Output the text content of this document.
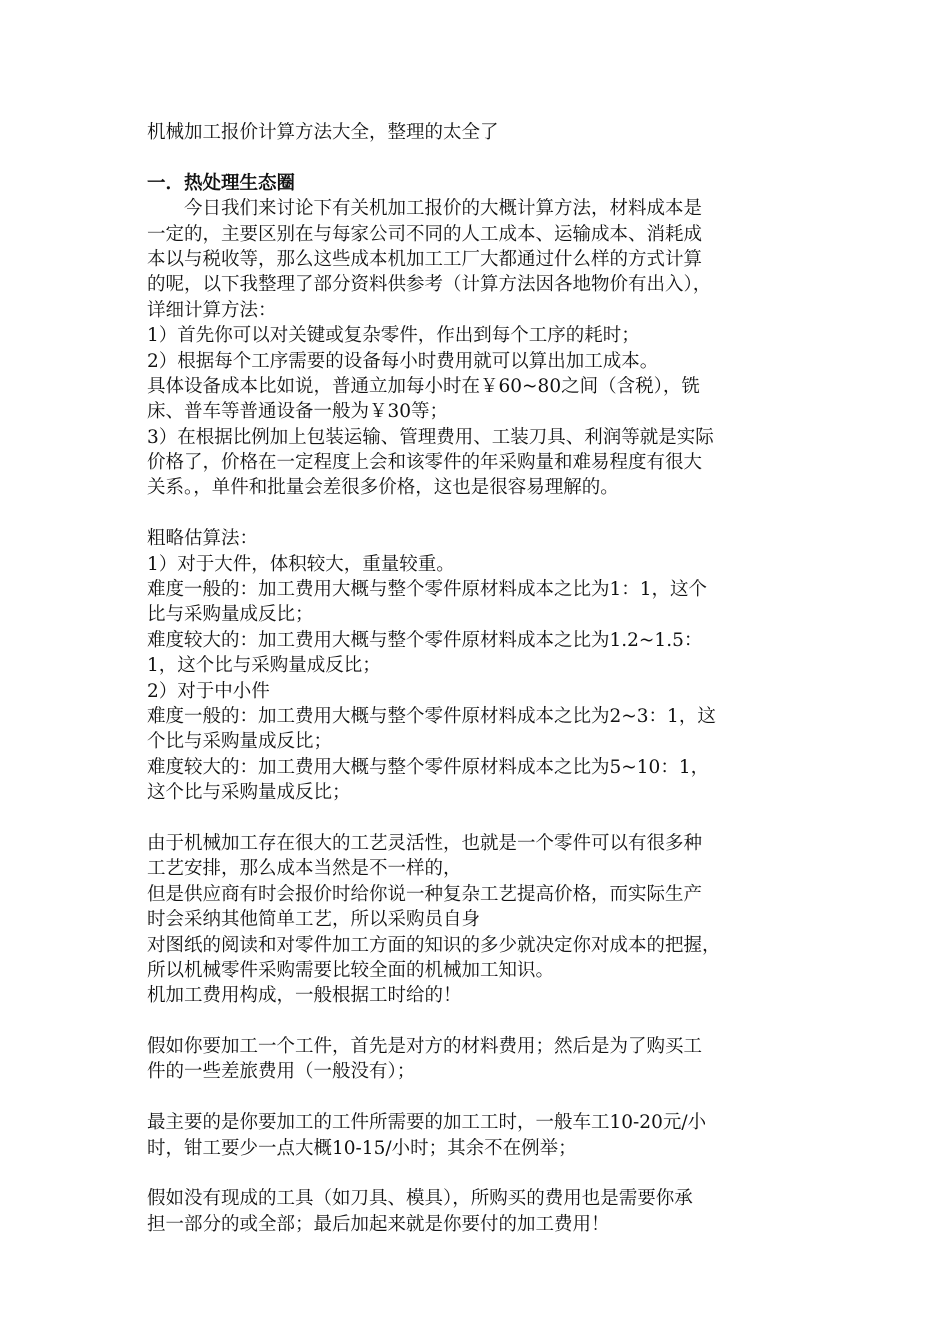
机械加工报价计算方法大全，整理的太全了
一．热处理生态圈
今日我们来讨论下有关机加工报价的大概计算方法，材料成本是
一定的，主要区别在与每家公司不同的人工成本、运输成本、消耗成
本以与税收等，那么这些成本机加工工厂大都通过什么样的方式计算
的呢，以下我整理了部分资料供参考（计算方法因各地物价有出入），
详细计算方法：
1）首先你可以对关键或复杂零件，作出到每个工序的耗时；
2）根据每个工序需要的设备每小时费用就可以算出加工成本。
具体设备成本比如说，普通立加每小时在￥60~80之间（含税），铣
床、普车等普通设备一般为￥30等；
3）在根据比例加上包装运输、管理费用、工装刀具、利润等就是实际
价格了，价格在一定程度上会和该零件的年采购量和难易程度有很大
关系。，单件和批量会差很多价格，这也是很容易理解的。
粗略估算法：
1）对于大件，体积较大，重量较重。
难度一般的：加工费用大概与整个零件原材料成本之比为1：1，这个
比与采购量成反比；
难度较大的：加工费用大概与整个零件原材料成本之比为1.2~1.5：
1，这个比与采购量成反比；
2）对于中小件
难度一般的：加工费用大概与整个零件原材料成本之比为2~3：1，这
个比与采购量成反比；
难度较大的：加工费用大概与整个零件原材料成本之比为5~10：1，
这个比与采购量成反比；
由于机械加工存在很大的工艺灵活性，也就是一个零件可以有很多种
工艺安排，那么成本当然是不一样的，
但是供应商有时会报价时给你说一种复杂工艺提高价格，而实际生产
时会采纳其他简单工艺，所以采购员自身
对图纸的阅读和对零件加工方面的知识的多少就决定你对成本的把握，
所以机械零件采购需要比较全面的机械加工知识。
机加工费用构成，一般根据工时给的！
假如你要加工一个工件，首先是对方的材料费用；然后是为了购买工
件的一些差旅费用（一般没有）；
最主要的是你要加工的工件所需要的加工工时，一般车工10-20元/小
时，钳工要少一点大概10-15/小时；其余不在例举；
假如没有现成的工具（如刀具、模具），所购买的费用也是需要你承
担一部分的或全部；最后加起来就是你要付的加工费用！
